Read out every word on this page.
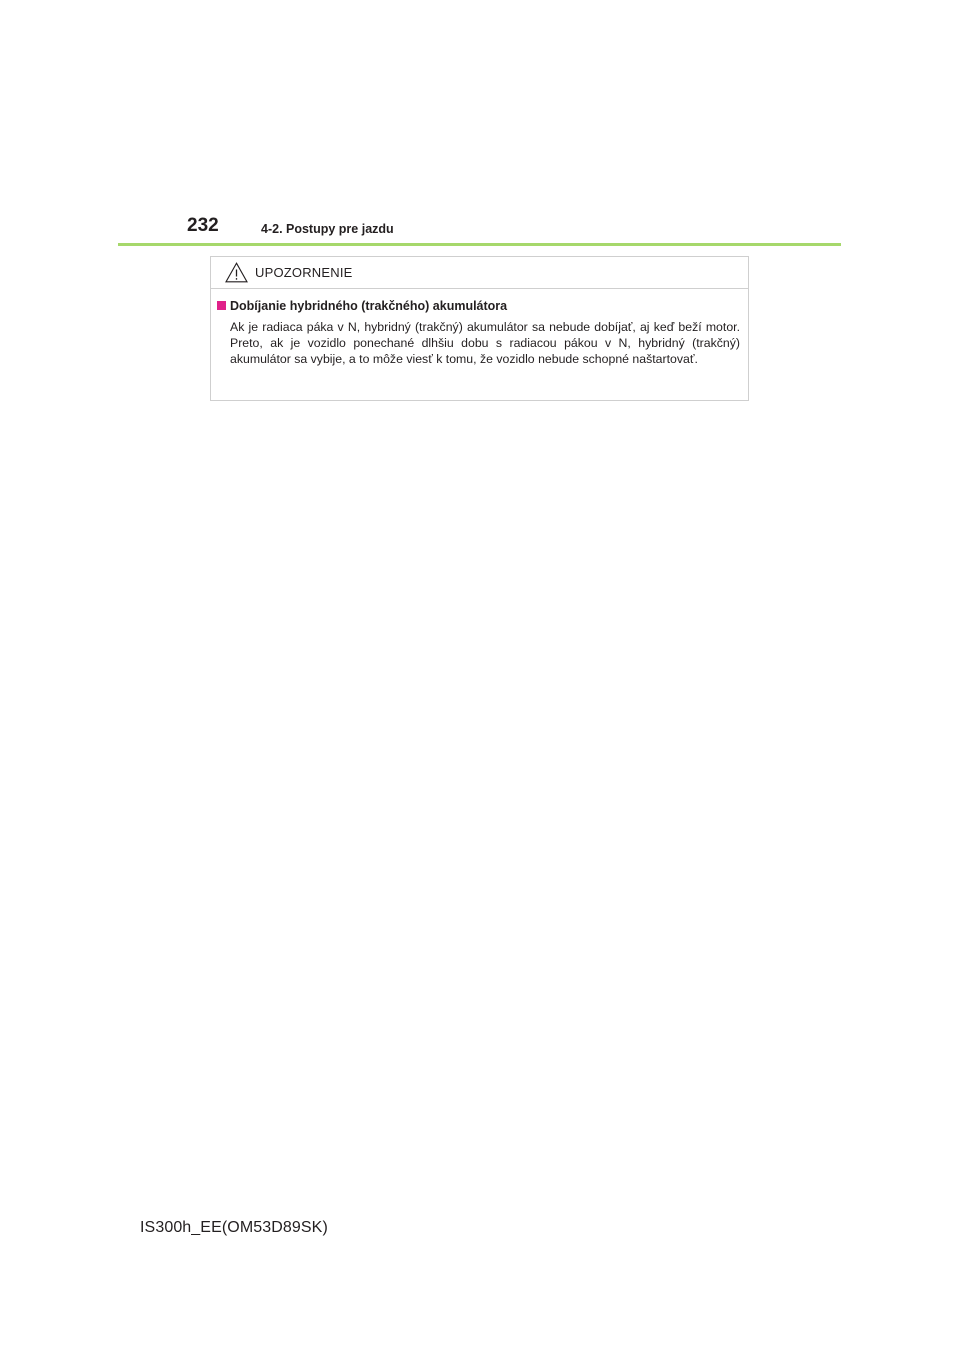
232	4-2. Postupy pre jazdu
UPOZORNENIE
Dobíjanie hybridného (trakčného) akumulátora
Ak je radiaca páka v N, hybridný (trakčný) akumulátor sa nebude dobíjať, aj keď beží motor. Preto, ak je vozidlo ponechané dlhšiu dobu s radiacou pákou v N, hybridný (trakčný) akumulátor sa vybije, a to môže viesť k tomu, že vozidlo nebude schopné naštartovať.
IS300h_EE(OM53D89SK)
